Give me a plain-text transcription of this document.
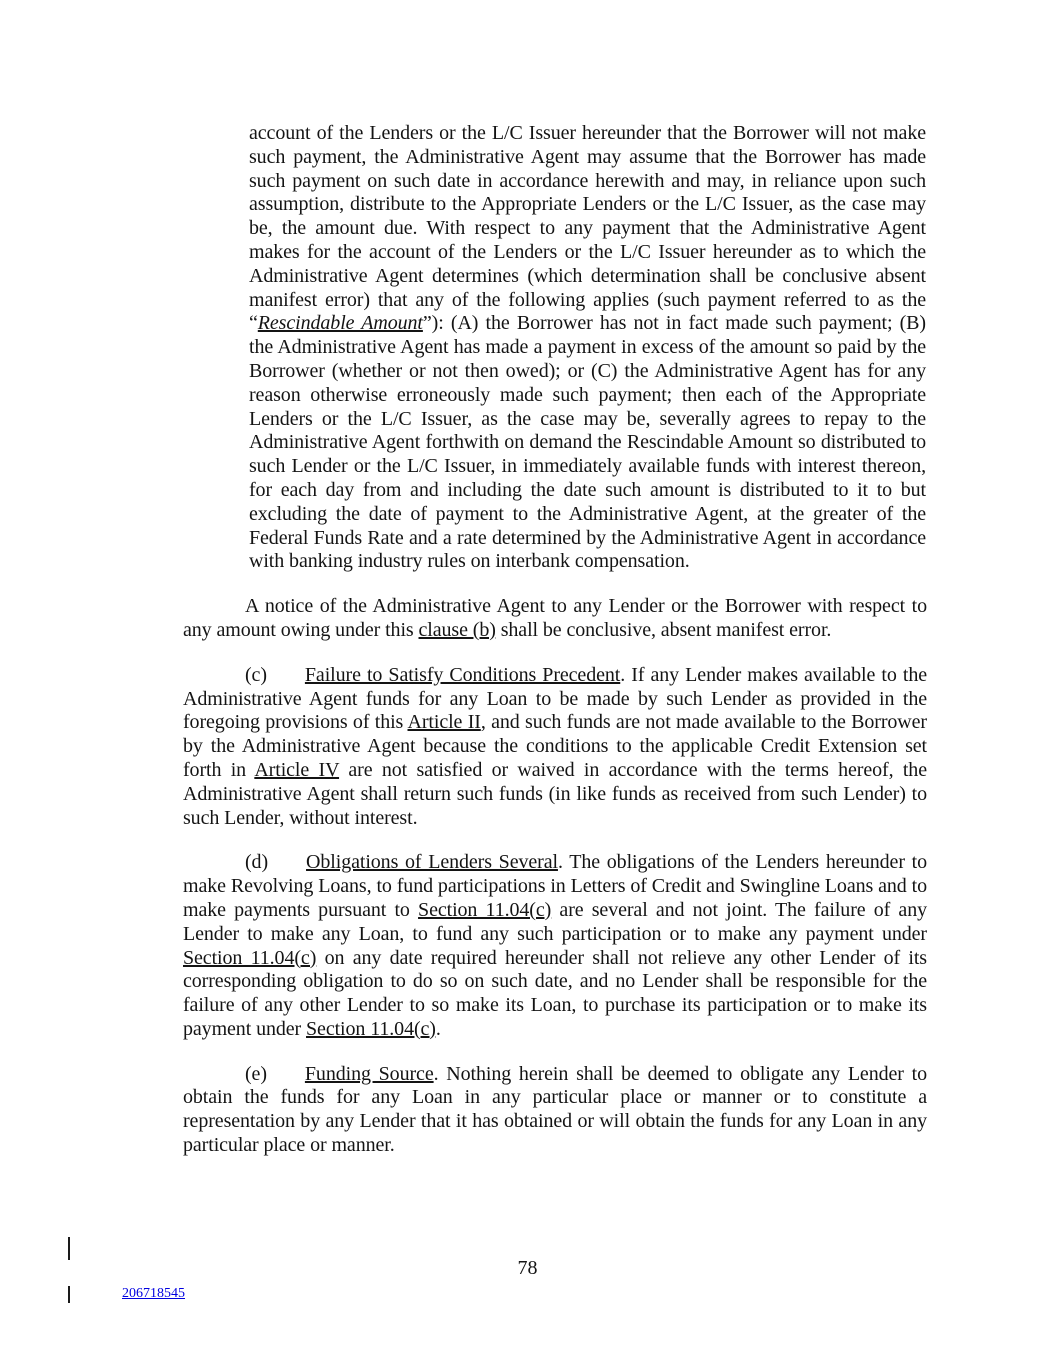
account of the Lenders or the L/C Issuer hereunder that the Borrower will not make such payment, the Administrative Agent may assume that the Borrower has made such payment on such date in accordance herewith and may, in reliance upon such assumption, distribute to the Appropriate Lenders or the L/C Issuer, as the case may be, the amount due. With respect to any payment that the Administrative Agent makes for the account of the Lenders or the L/C Issuer hereunder as to which the Administrative Agent determines (which determination shall be conclusive absent manifest error) that any of the following applies (such payment referred to as the “Rescindable Amount”): (A) the Borrower has not in fact made such payment; (B) the Administrative Agent has made a payment in excess of the amount so paid by the Borrower (whether or not then owed); or (C) the Administrative Agent has for any reason otherwise erroneously made such payment; then each of the Appropriate Lenders or the L/C Issuer, as the case may be, severally agrees to repay to the Administrative Agent forthwith on demand the Rescindable Amount so distributed to such Lender or the L/C Issuer, in immediately available funds with interest thereon, for each day from and including the date such amount is distributed to it to but excluding the date of payment to the Administrative Agent, at the greater of the Federal Funds Rate and a rate determined by the Administrative Agent in accordance with banking industry rules on interbank compensation.

A notice of the Administrative Agent to any Lender or the Borrower with respect to any amount owing under this clause (b) shall be conclusive, absent manifest error.

(c) Failure to Satisfy Conditions Precedent. If any Lender makes available to the Administrative Agent funds for any Loan to be made by such Lender as provided in the foregoing provisions of this Article II, and such funds are not made available to the Borrower by the Administrative Agent because the conditions to the applicable Credit Extension set forth in Article IV are not satisfied or waived in accordance with the terms hereof, the Administrative Agent shall return such funds (in like funds as received from such Lender) to such Lender, without interest.

(d) Obligations of Lenders Several. The obligations of the Lenders hereunder to make Revolving Loans, to fund participations in Letters of Credit and Swingline Loans and to make payments pursuant to Section 11.04(c) are several and not joint. The failure of any Lender to make any Loan, to fund any such participation or to make any payment under Section 11.04(c) on any date required hereunder shall not relieve any other Lender of its corresponding obligation to do so on such date, and no Lender shall be responsible for the failure of any other Lender to so make its Loan, to purchase its participation or to make its payment under Section 11.04(c).

(e) Funding Source. Nothing herein shall be deemed to obligate any Lender to obtain the funds for any Loan in any particular place or manner or to constitute a representation by any Lender that it has obtained or will obtain the funds for any Loan in any particular place or manner.

78
206718545
